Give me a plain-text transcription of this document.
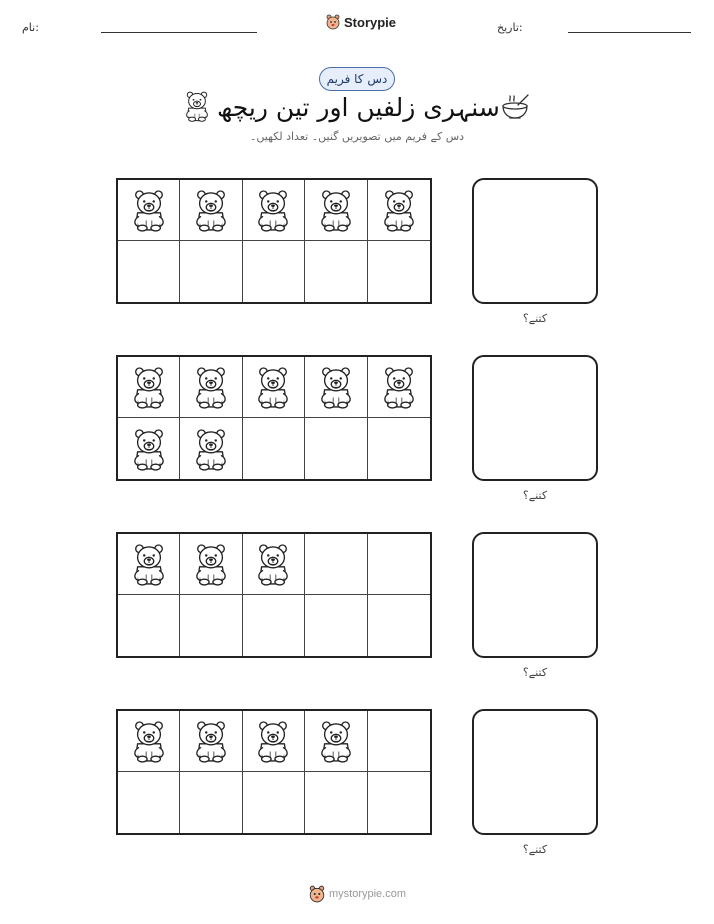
نام:	Storypie	تاریخ:
دس کا فریم
سنہری زلفیں اور تین ریچھ
دس کے فریم میں تصویریں گنیں۔ تعداد لکھیں۔
کتنے؟
کتنے؟
کتنے؟
کتنے؟
mystorypie.com
